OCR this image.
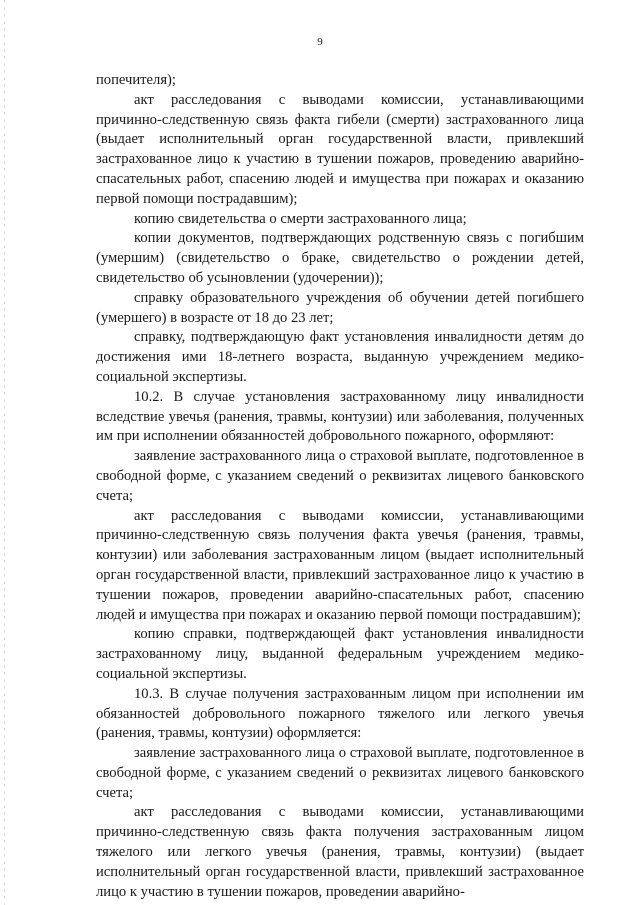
9

попечителя);

акт расследования с выводами комиссии, устанавливающими причинно-следственную связь факта гибели (смерти) застрахованного лица (выдает исполнительный орган государственной власти, привлекший застрахованное лицо к участию в тушении пожаров, проведению аварийно-спасательных работ, спасению людей и имущества при пожарах и оказанию первой помощи пострадавшим);

копию свидетельства о смерти застрахованного лица;

копии документов, подтверждающих родственную связь с погибшим (умершим) (свидетельство о браке, свидетельство о рождении детей, свидетельство об усыновлении (удочерении));

справку образовательного учреждения об обучении детей погибшего (умершего) в возрасте от 18 до 23 лет;

справку, подтверждающую факт установления инвалидности детям до достижения ими 18-летнего возраста, выданную учреждением медико-социальной экспертизы.

10.2. В случае установления застрахованному лицу инвалидности вследствие увечья (ранения, травмы, контузии) или заболевания, полученных им при исполнении обязанностей добровольного пожарного, оформляют:

заявление застрахованного лица о страховой выплате, подготовленное в свободной форме, с указанием сведений о реквизитах лицевого банковского счета;

акт расследования с выводами комиссии, устанавливающими причинно-следственную связь получения факта увечья (ранения, травмы, контузии) или заболевания застрахованным лицом (выдает исполнительный орган государственной власти, привлекший застрахованное лицо к участию в тушении пожаров, проведении аварийно-спасательных работ, спасению людей и имущества при пожарах и оказанию первой помощи пострадавшим);

копию справки, подтверждающей факт установления инвалидности застрахованному лицу, выданной федеральным учреждением медико-социальной экспертизы.

10.3. В случае получения застрахованным лицом при исполнении им обязанностей добровольного пожарного тяжелого или легкого увечья (ранения, травмы, контузии) оформляется:

заявление застрахованного лица о страховой выплате, подготовленное в свободной форме, с указанием сведений о реквизитах лицевого банковского счета;

акт расследования с выводами комиссии, устанавливающими причинно-следственную связь факта получения застрахованным лицом тяжелого или легкого увечья (ранения, травмы, контузии) (выдает исполнительный орган государственной власти, привлекший застрахованное лицо к участию в тушении пожаров, проведении аварийно-
